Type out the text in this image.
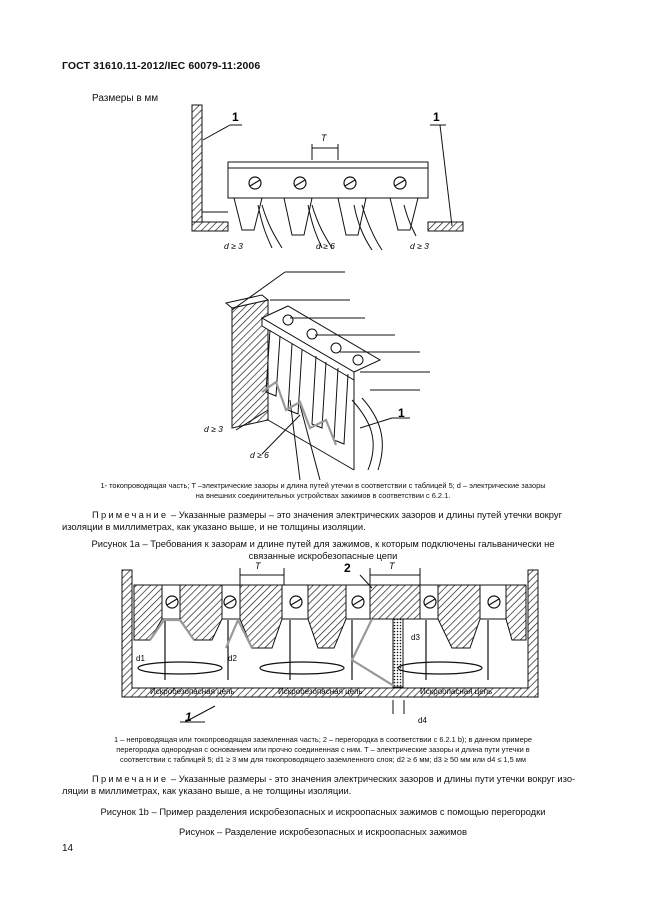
ГОСТ 31610.11-2012/IEC 60079-11:2006
Размеры в мм
1	1
T
d ≥ 3	d ≥ 6	d ≥ 3
1
d ≥ 3
d ≥ 6
T	T
2
1
d1	d2
d3
d4
Искробезопасная цепь	Искробезопасная цепь	Искроопасная цепь
1- токопроводящая часть; T –электрические зазоры и длина путей утечки в соответствии с таблицей 5; d – электрические зазоры
на внешних соединительных устройствах зажимов в соответствии с 6.2.1.
Примечание – Указанные размеры – это значения электрических зазоров и длины путей утечки вокруг
изоляции в миллиметрах, как указано выше, и не толщины изоляции.
Рисунок 1а – Требования к зазорам и длине путей для зажимов, к которым подключены гальванически не
связанные искробезопасные цепи
1 – непроводящая или токопроводящая заземленная часть; 2 – перегородка в соответствии с 6.2.1 b); в данном примере
перегородка однородная с основанием или прочно соединенная с ним. T – электрические зазоры и длина пути утечки в
соответствии с таблицей 5; d1 ≥ 3 мм для токопроводящего заземленного слоя; d2 ≥ 6 мм; d3 ≥ 50 мм или d4 ≤ 1,5 мм
Примечание – Указанные размеры - это значения электрических зазоров и длины пути утечки вокруг изо-
ляции в миллиметрах, как указано выше, а не толщины изоляции.
Рисунок 1b – Пример разделения искробезопасных и искроопасных зажимов с помощью перегородки
Рисунок – Разделение искробезопасных и искроопасных зажимов
14
